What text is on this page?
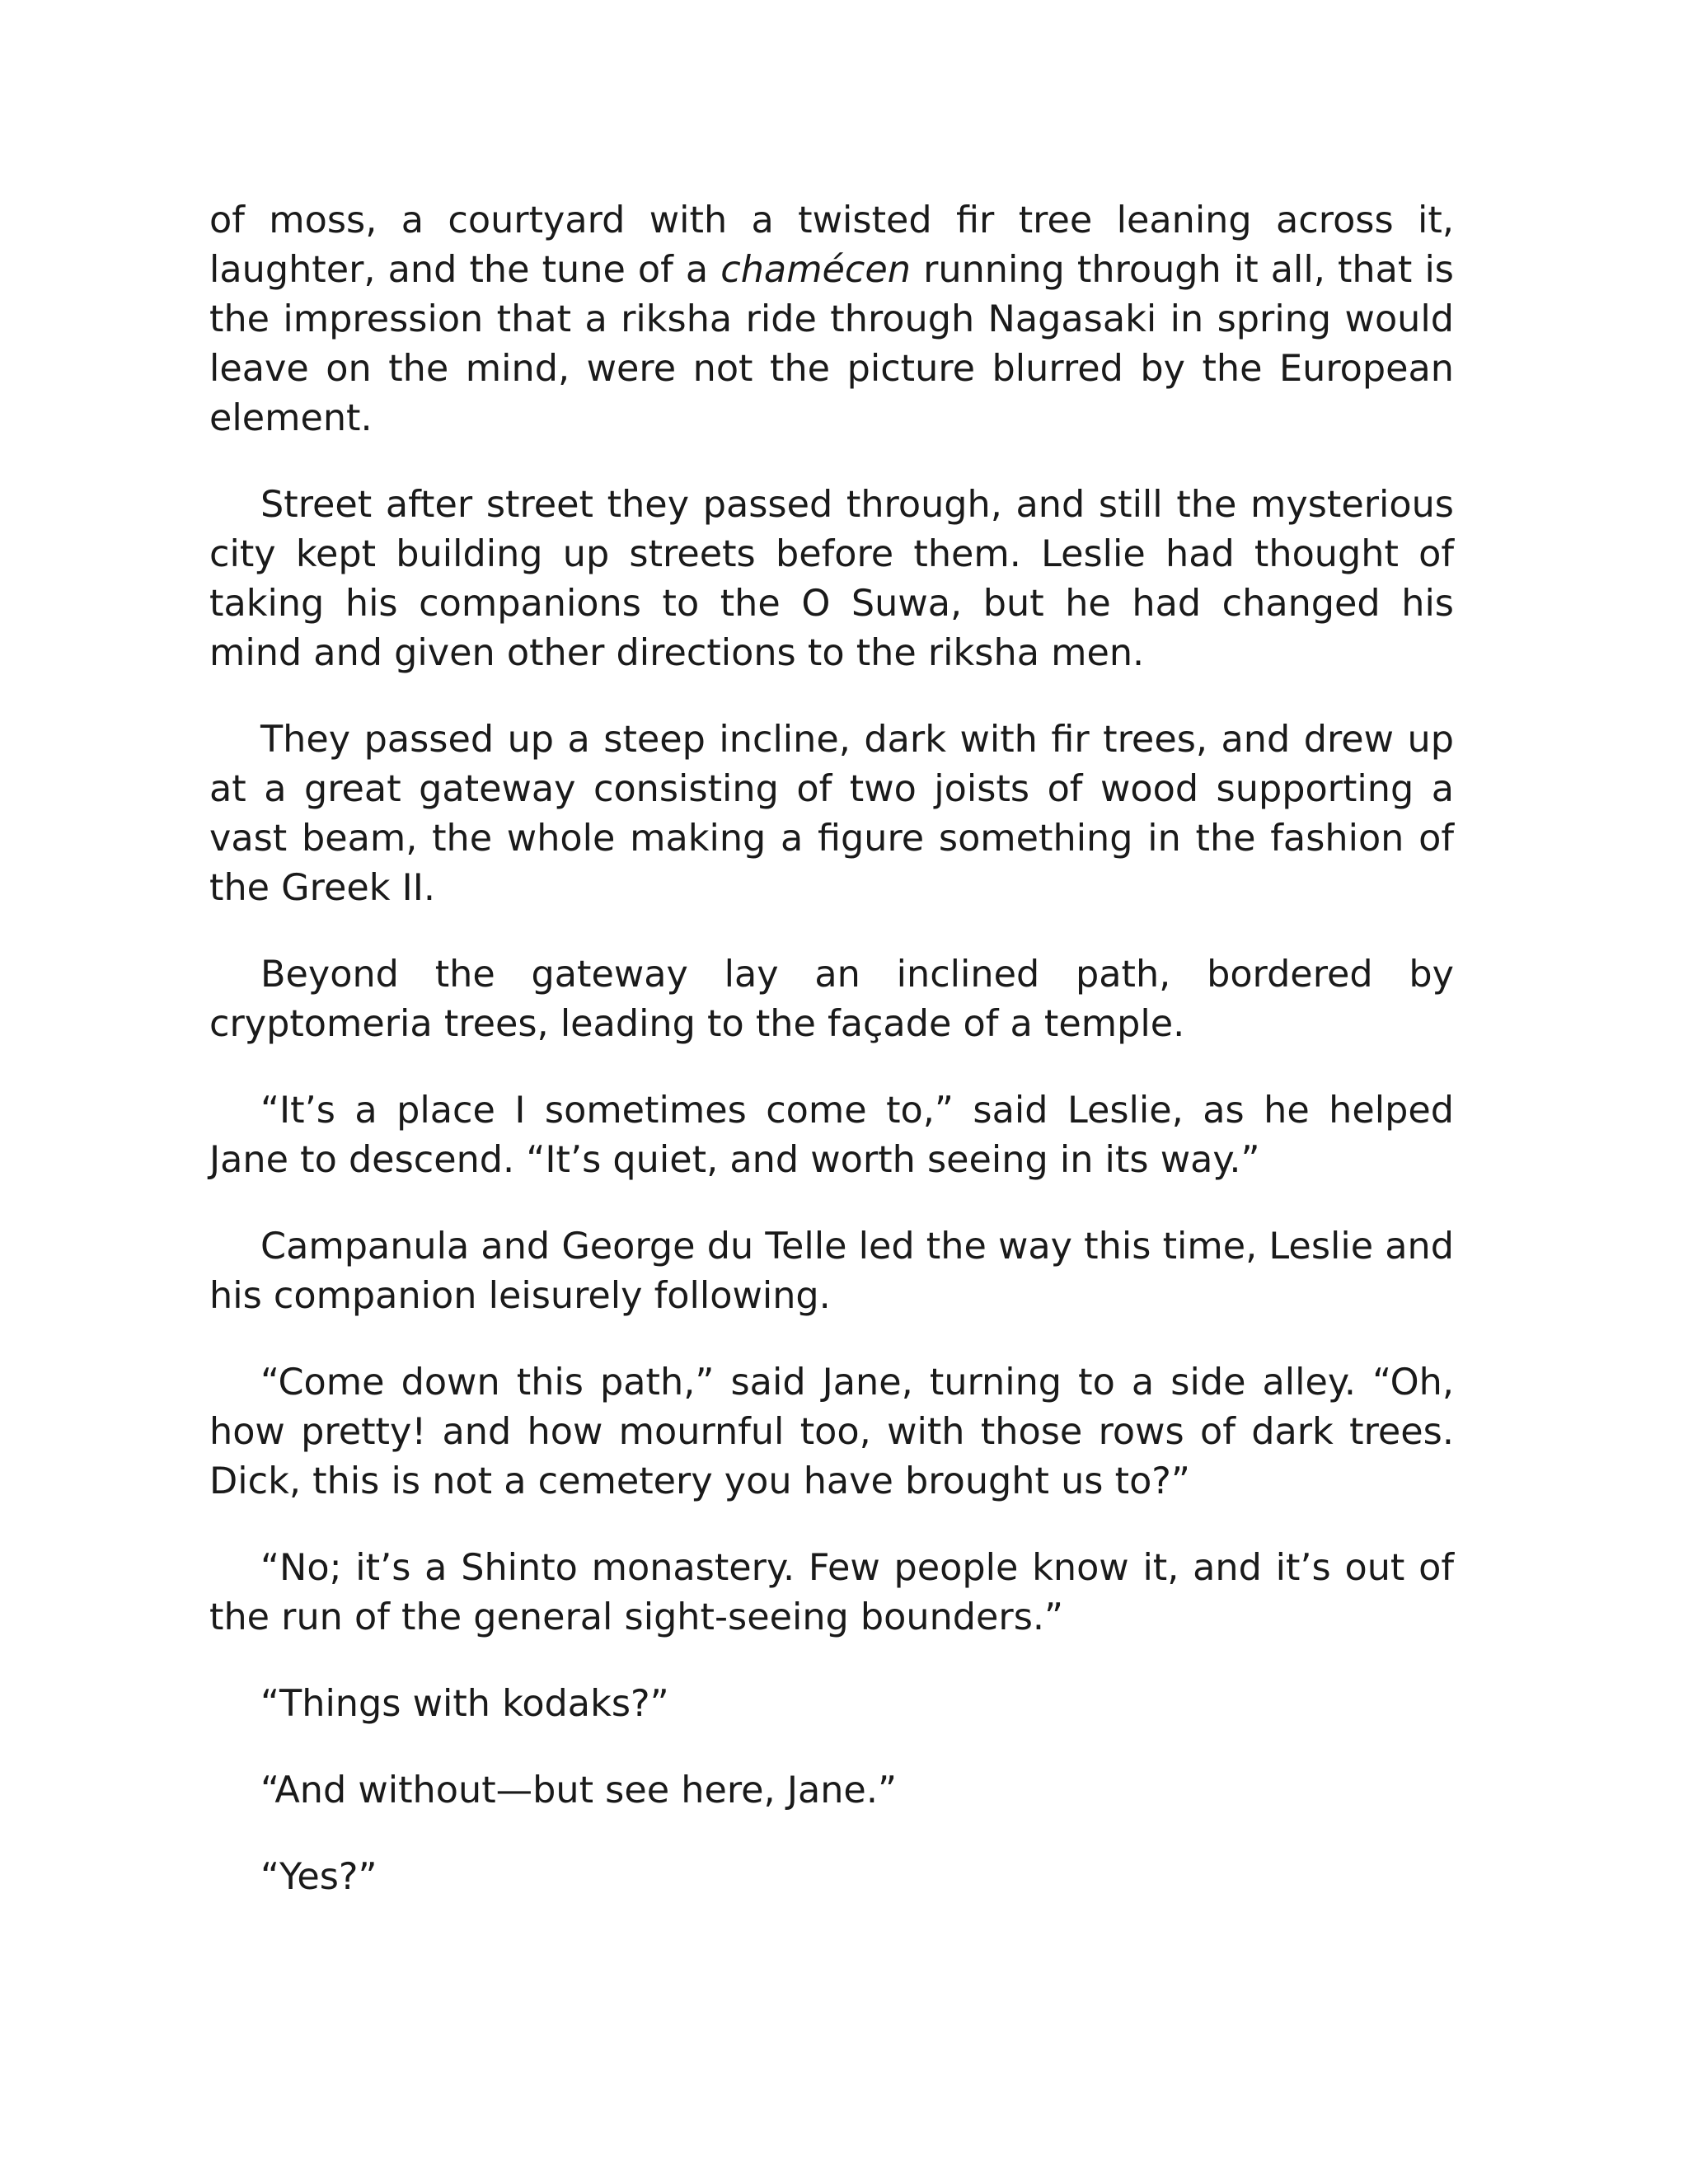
of moss, a courtyard with a twisted fir tree leaning across it, laughter, and the tune of a chamécen running through it all, that is the impression that a riksha ride through Nagasaki in spring would leave on the mind, were not the picture blurred by the European element.

Street after street they passed through, and still the mysterious city kept building up streets before them. Leslie had thought of taking his companions to the O Suwa, but he had changed his mind and given other directions to the riksha men.

They passed up a steep incline, dark with fir trees, and drew up at a great gateway consisting of two joists of wood supporting a vast beam, the whole making a figure something in the fashion of the Greek II.

Beyond the gateway lay an inclined path, bordered by cryptomeria trees, leading to the façade of a temple.

“It’s a place I sometimes come to,” said Leslie, as he helped Jane to descend. “It’s quiet, and worth seeing in its way.”

Campanula and George du Telle led the way this time, Leslie and his companion leisurely following.

“Come down this path,” said Jane, turning to a side alley. “Oh, how pretty! and how mournful too, with those rows of dark trees. Dick, this is not a cemetery you have brought us to?”

“No; it’s a Shinto monastery. Few people know it, and it’s out of the run of the general sight-seeing bounders.”

“Things with kodaks?”

“And without—but see here, Jane.”

“Yes?”
